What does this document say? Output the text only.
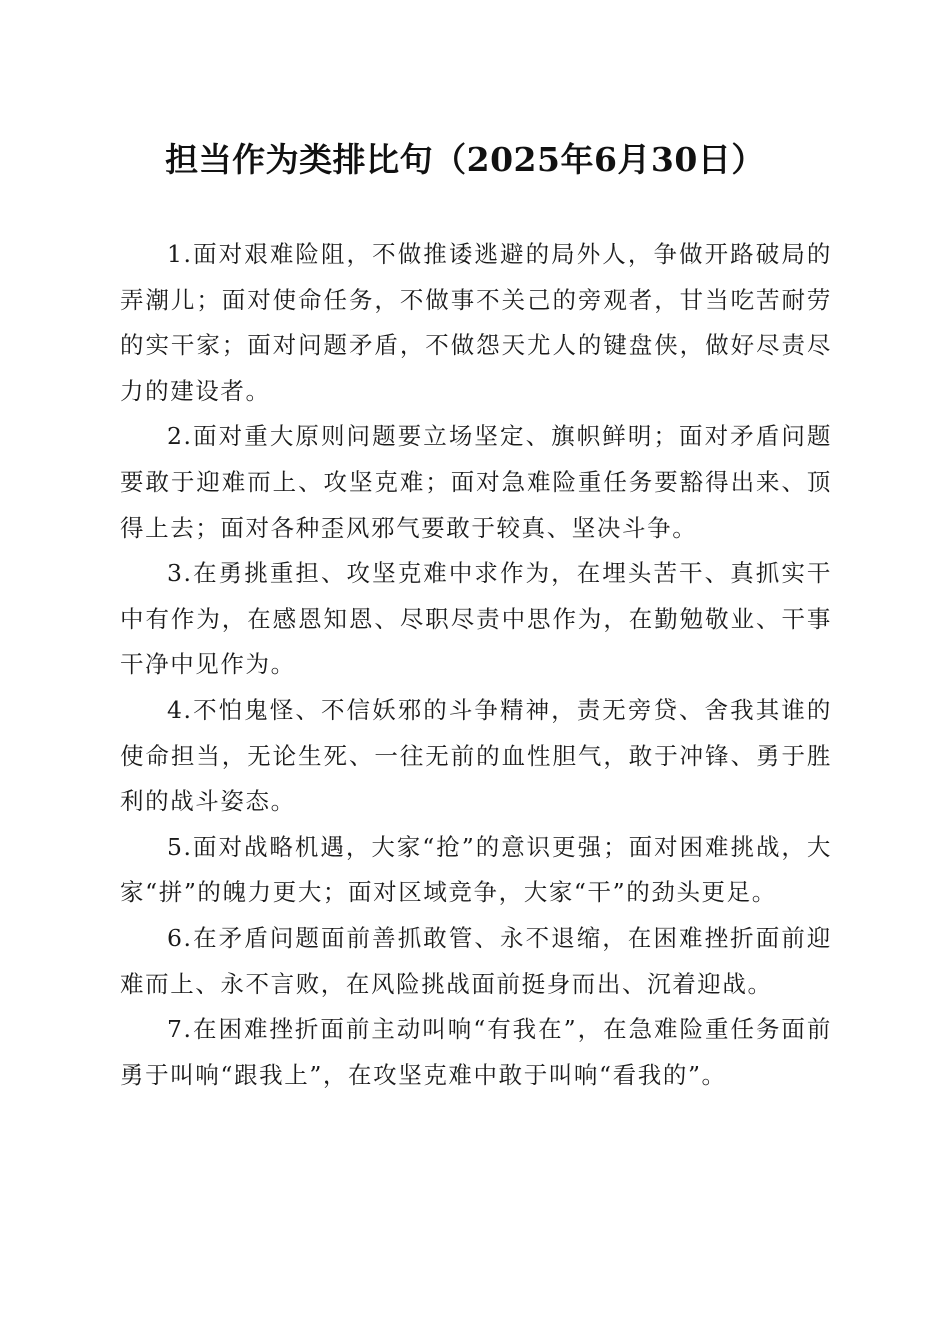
担当作为类排比句（2025年6月30日）

1.面对艰难险阻，不做推诿逃避的局外人，争做开路破局的弄潮儿；面对使命任务，不做事不关己的旁观者，甘当吃苦耐劳的实干家；面对问题矛盾，不做怨天尤人的键盘侠，做好尽责尽力的建设者。

2.面对重大原则问题要立场坚定、旗帜鲜明；面对矛盾问题要敢于迎难而上、攻坚克难；面对急难险重任务要豁得出来、顶得上去；面对各种歪风邪气要敢于较真、坚决斗争。

3.在勇挑重担、攻坚克难中求作为，在埋头苦干、真抓实干中有作为，在感恩知恩、尽职尽责中思作为，在勤勉敬业、干事干净中见作为。

4.不怕鬼怪、不信妖邪的斗争精神，责无旁贷、舍我其谁的使命担当，无论生死、一往无前的血性胆气，敢于冲锋、勇于胜利的战斗姿态。

5.面对战略机遇，大家“抢”的意识更强；面对困难挑战，大家“拼”的魄力更大；面对区域竞争，大家“干”的劲头更足。

6.在矛盾问题面前善抓敢管、永不退缩，在困难挫折面前迎难而上、永不言败，在风险挑战面前挺身而出、沉着迎战。

7.在困难挫折面前主动叫响“有我在”，在急难险重任务面前勇于叫响“跟我上”，在攻坚克难中敢于叫响“看我的”。
